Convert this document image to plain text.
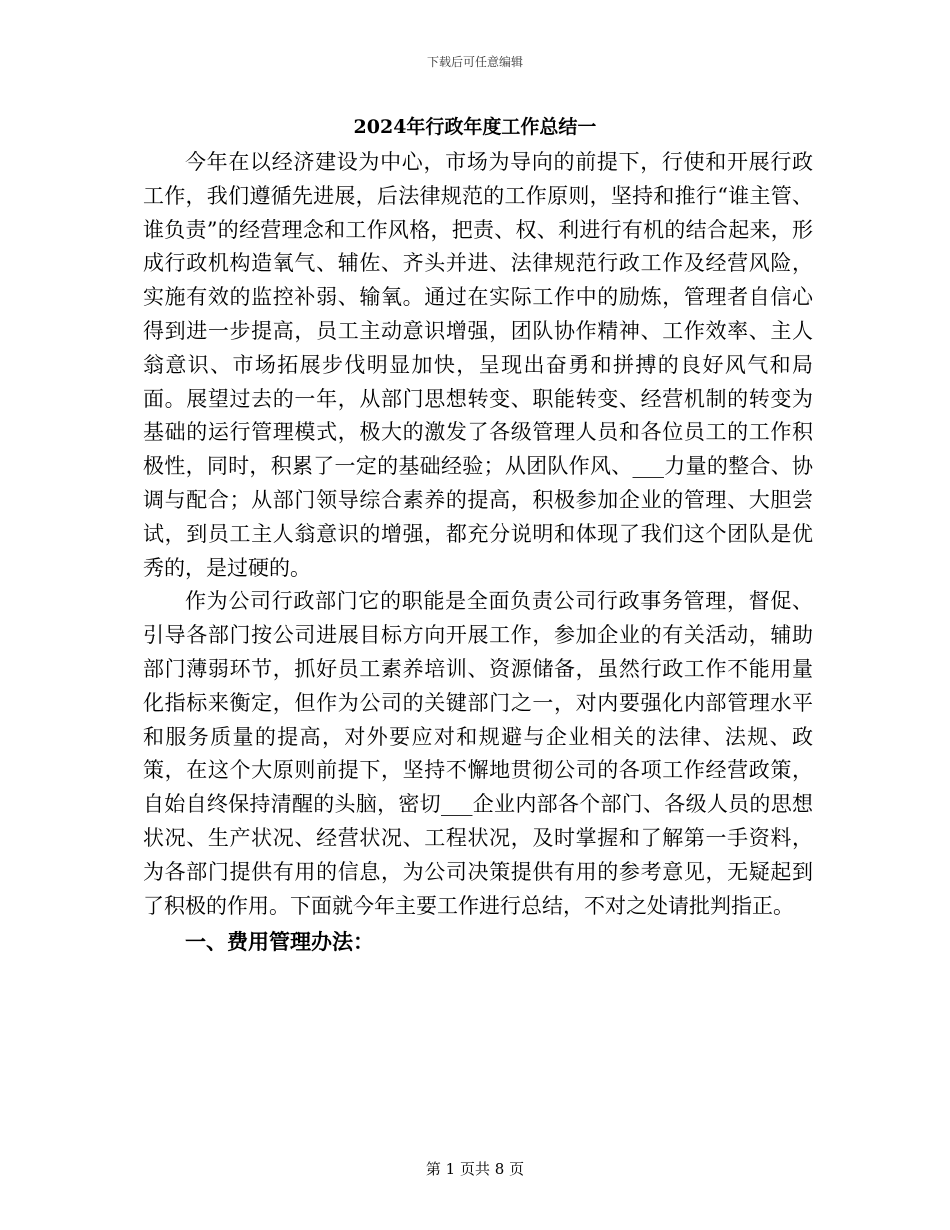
下载后可任意编辑
2024年行政年度工作总结一

今年在以经济建设为中心，市场为导向的前提下，行使和开展行政工作，我们遵循先进展，后法律规范的工作原则，坚持和推行“谁主管、谁负责”的经营理念和工作风格，把责、权、利进行有机的结合起来，形成行政机构造氧气、辅佐、齐头并进、法律规范行政工作及经营风险，实施有效的监控补弱、输氧。通过在实际工作中的励炼，管理者自信心得到进一步提高，员工主动意识增强，团队协作精神、工作效率、主人翁意识、市场拓展步伐明显加快，呈现出奋勇和拼搏的良好风气和局面。展望过去的一年，从部门思想转变、职能转变、经营机制的转变为基础的运行管理模式，极大的激发了各级管理人员和各位员工的工作积极性，同时，积累了一定的基础经验；从团队作风、___力量的整合、协调与配合；从部门领导综合素养的提高，积极参加企业的管理、大胆尝试，到员工主人翁意识的增强，都充分说明和体现了我们这个团队是优秀的，是过硬的。

作为公司行政部门它的职能是全面负责公司行政事务管理，督促、引导各部门按公司进展目标方向开展工作，参加企业的有关活动，辅助部门薄弱环节，抓好员工素养培训、资源储备，虽然行政工作不能用量化指标来衡定，但作为公司的关键部门之一，对内要强化内部管理水平和服务质量的提高，对外要应对和规避与企业相关的法律、法规、政策，在这个大原则前提下，坚持不懈地贯彻公司的各项工作经营政策，自始自终保持清醒的头脑，密切___企业内部各个部门、各级人员的思想状况、生产状况、经营状况、工程状况，及时掌握和了解第一手资料，为各部门提供有用的信息，为公司决策提供有用的参考意见，无疑起到了积极的作用。下面就今年主要工作进行总结，不对之处请批判指正。

一、费用管理办法：

第 1 页共 8 页
